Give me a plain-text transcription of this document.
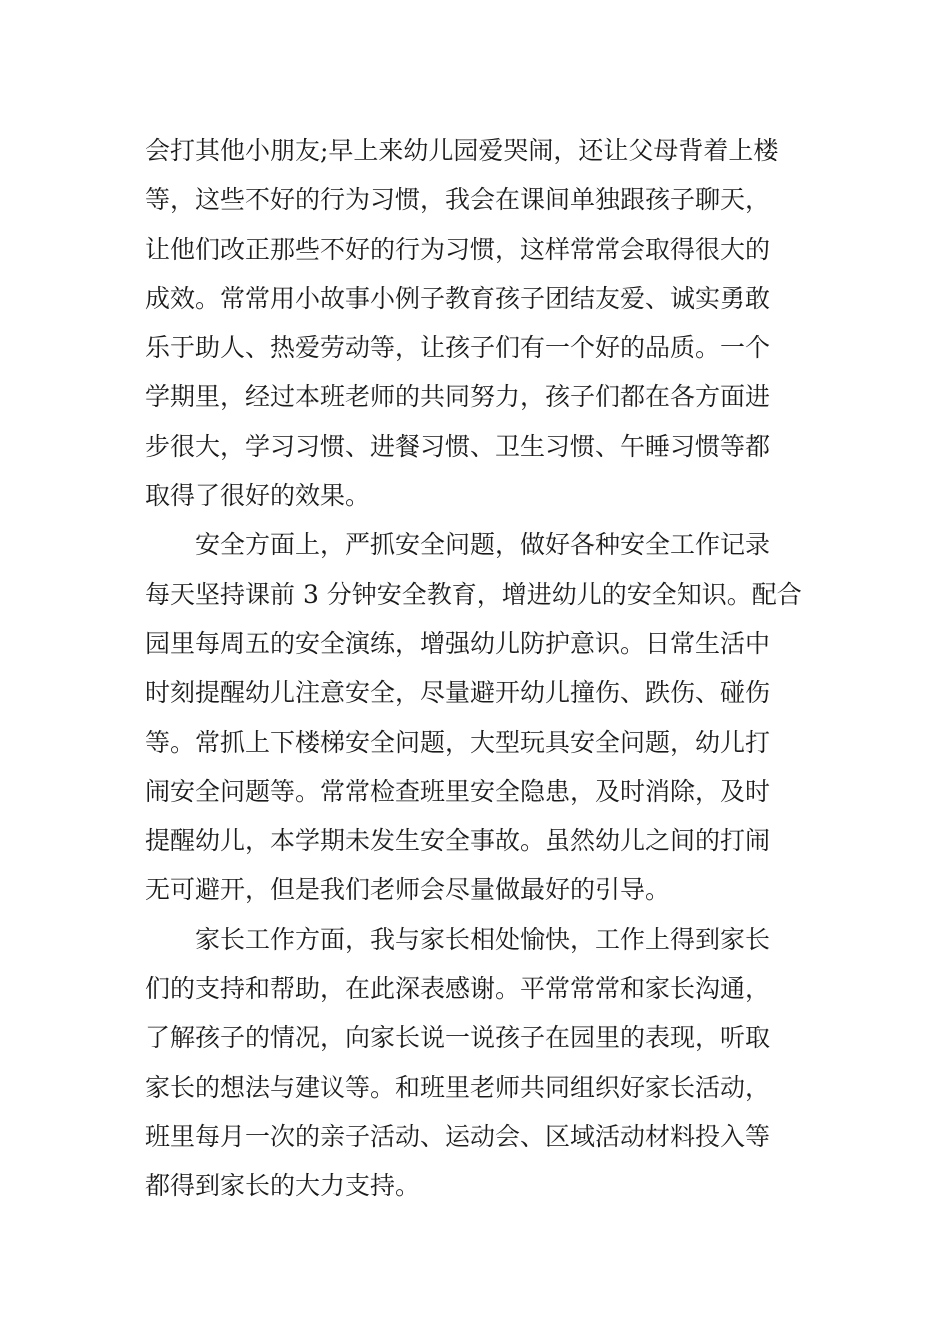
会打其他小朋友;早上来幼儿园爱哭闹，还让父母背着上楼
等，这些不好的行为习惯，我会在课间单独跟孩子聊天，
让他们改正那些不好的行为习惯，这样常常会取得很大的
成效。常常用小故事小例子教育孩子团结友爱、诚实勇敢
乐于助人、热爱劳动等，让孩子们有一个好的品质。一个
学期里，经过本班老师的共同努力，孩子们都在各方面进
步很大，学习习惯、进餐习惯、卫生习惯、午睡习惯等都
取得了很好的效果。
　　安全方面上，严抓安全问题，做好各种安全工作记录
每天坚持课前 3 分钟安全教育，增进幼儿的安全知识。配合
园里每周五的安全演练，增强幼儿防护意识。日常生活中
时刻提醒幼儿注意安全，尽量避开幼儿撞伤、跌伤、碰伤
等。常抓上下楼梯安全问题，大型玩具安全问题，幼儿打
闹安全问题等。常常检查班里安全隐患，及时消除，及时
提醒幼儿，本学期未发生安全事故。虽然幼儿之间的打闹
无可避开，但是我们老师会尽量做最好的引导。
　　家长工作方面，我与家长相处愉快，工作上得到家长
们的支持和帮助，在此深表感谢。平常常常和家长沟通，
了解孩子的情况，向家长说一说孩子在园里的表现，听取
家长的想法与建议等。和班里老师共同组织好家长活动，
班里每月一次的亲子活动、运动会、区域活动材料投入等
都得到家长的大力支持。
